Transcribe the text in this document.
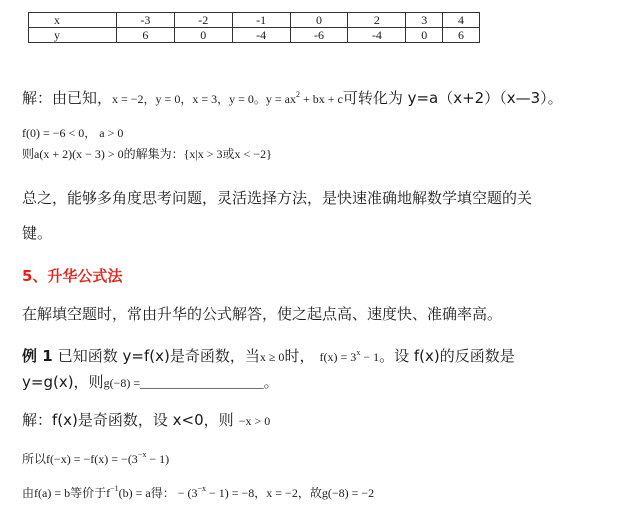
x	-3	-2	-1	0	2	3	4
y	6	0	-4	-6	-4	0	6
解：由已知，x = −2，y = 0，x = 3，y = 0。$y = ax^2$ + bx + c可转化为 y=a（x+2）（x—3）。
f(0) = −6 < 0， a > 0
则a(x + 2)(x − 3) > 0的解集为：{x|x > 3或x < −2}
总之，能够多角度思考问题，灵活选择方法，是快速准确地解数学填空题的关
键。
5、升华公式法
在解填空题时，常由升华的公式解答，使之起点高、速度快、准确率高。
例 1 已知函数 y=f(x)是奇函数，当x ≥ 0时， $f(x) = 3^x - 1$。设 f(x)的反函数是
y=g(x)，则g(−8) =___________________。
解：f(x)是奇函数，设 x<0，则 −x > 0
所以$f(-x) = -f(x) = -(3^{-x} - 1)$
由f(a) = b等价于$f^{-1}(b) = a$得： − $(3^{-x} - 1) = -8$，x = −2，故g(−8) = −2
